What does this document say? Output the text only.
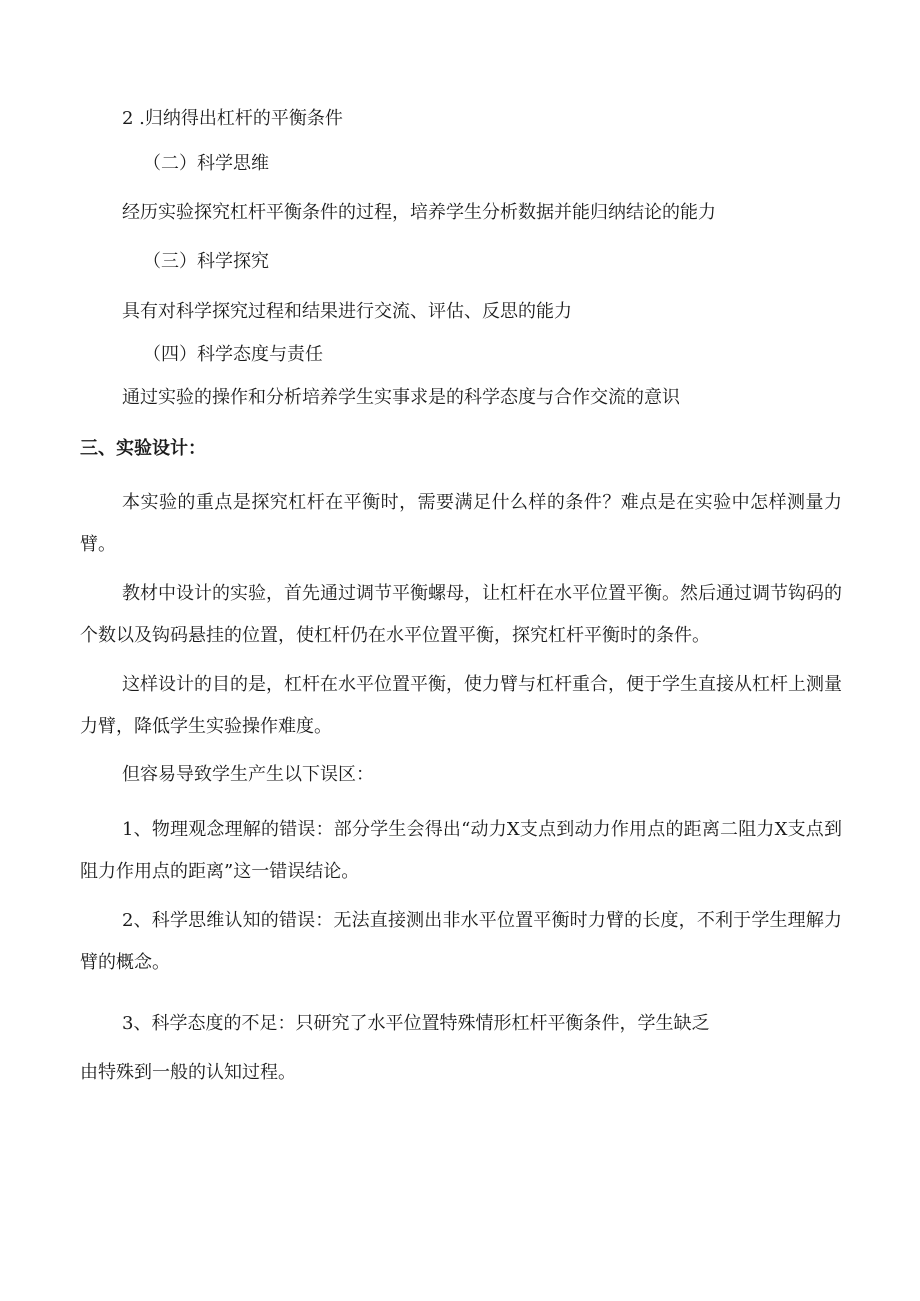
2 .归纳得出杠杆的平衡条件
（二）科学思维
经历实验探究杠杆平衡条件的过程，培养学生分析数据并能归纳结论的能力
（三）科学探究
具有对科学探究过程和结果进行交流、评估、反思的能力
（四）科学态度与责任
通过实验的操作和分析培养学生实事求是的科学态度与合作交流的意识
三、实验设计：
本实验的重点是探究杠杆在平衡时，需要满足什么样的条件？难点是在实验中怎样测量力臂。
教材中设计的实验，首先通过调节平衡螺母，让杠杆在水平位置平衡。然后通过调节钩码的个数以及钩码悬挂的位置，使杠杆仍在水平位置平衡，探究杠杆平衡时的条件。
这样设计的目的是，杠杆在水平位置平衡，使力臂与杠杆重合，便于学生直接从杠杆上测量力臂，降低学生实验操作难度。
但容易导致学生产生以下误区：
1、物理观念理解的错误：部分学生会得出“动力X支点到动力作用点的距离二阻力X支点到阻力作用点的距离”这一错误结论。
2、科学思维认知的错误：无法直接测出非水平位置平衡时力臂的长度，不利于学生理解力臂的概念。
3、科学态度的不足：只研究了水平位置特殊情形杠杆平衡条件，学生缺乏
由特殊到一般的认知过程。
